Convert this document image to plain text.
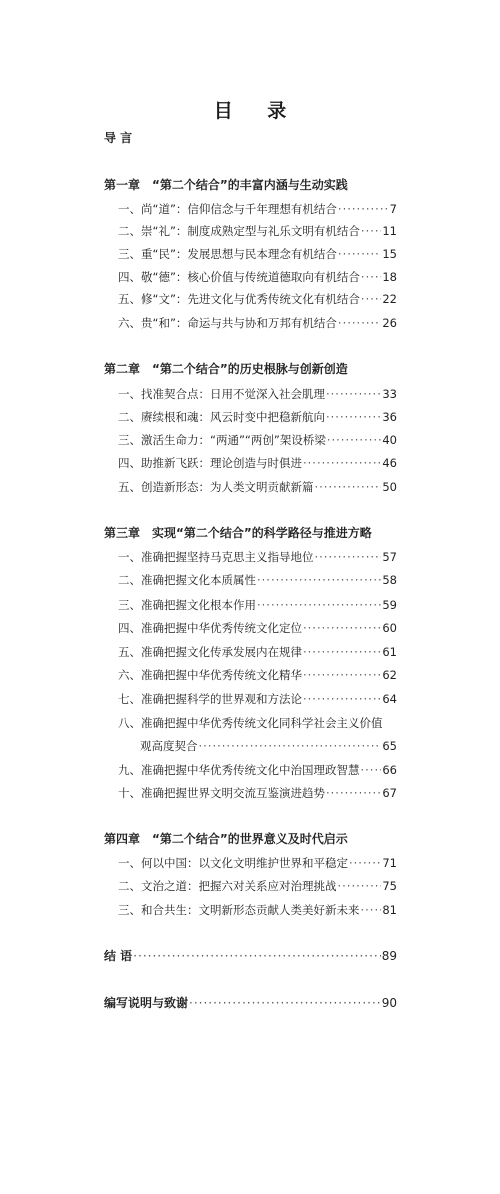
目 录
导 言
第一章　“第二个结合”的丰富内涵与生动实践
一、尚“道”：信仰信念与千年理想有机结合 ·····	7
二、崇“礼”：制度成熟定型与礼乐文明有机结合 ····· 11
三、重“民”：发展思想与民本理念有机结合 ·····	15
四、敬“德”：核心价值与传统道德取向有机结合 ····· 18
五、修“文”：先进文化与优秀传统文化有机结合 ····· 22
六、贵“和”：命运与共与协和万邦有机结合 ·····	26
第二章　“第二个结合”的历史根脉与创新创造
一、找准契合点：日用不觉深入社会肌理 ·····	33
二、赓续根和魂：风云时变中把稳新航向 ·····	36
三、激活生命力：“两通”“两创”架设桥梁 ·····	40
四、助推新飞跃：理论创造与时俱进 ·····	46
五、创造新形态：为人类文明贡献新篇 ·····	50
第三章　实现“第二个结合”的科学路径与推进方略
一、准确把握坚持马克思主义指导地位 ·····	57
二、准确把握文化本质属性 ·····	58
三、准确把握文化根本作用 ·····	59
四、准确把握中华优秀传统文化定位 ·····	60
五、准确把握文化传承发展内在规律 ·····	61
六、准确把握中华优秀传统文化精华 ·····	62
七、准确把握科学的世界观和方法论 ·····	64
八、准确把握中华优秀传统文化同科学社会主义价值
观高度契合 ·····	65
九、准确把握中华优秀传统文化中治国理政智慧 ····· 66
十、准确把握世界文明交流互鉴演进趋势 ·····	67
第四章　“第二个结合”的世界意义及时代启示
一、何以中国：以文化文明维护世界和平稳定 ·····	71
二、文治之道：把握六对关系应对治理挑战 ·····	75
三、和合共生：文明新形态贡献人类美好新未来 ····· 81
结 语 ·····	89
编写说明与致谢 ·····	90
